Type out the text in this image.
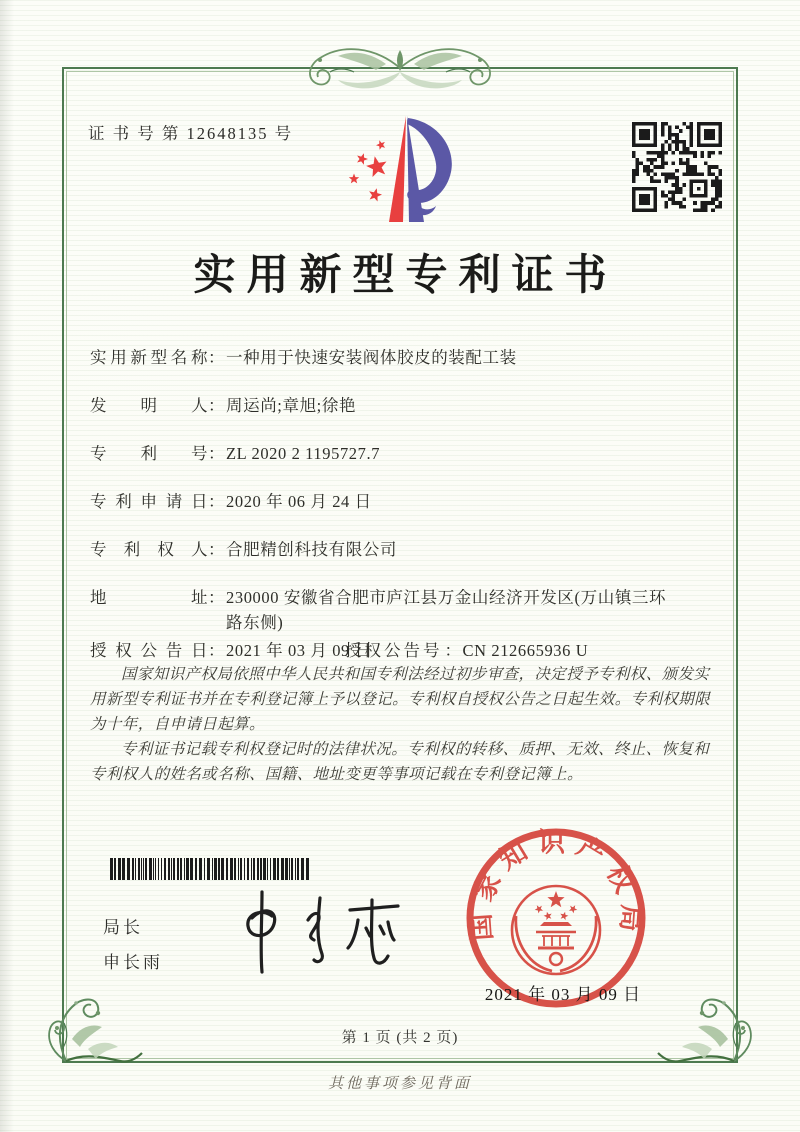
证 书 号 第 12648135 号
实用新型专利证书
实用新型名称 ： 一种用于快速安装阀体胶皮的装配工装
发明人 ： 周运尚;章旭;徐艳
专利号 ： ZL 2020 2 1195727.7
专利申请日 ： 2020 年 06 月 24 日
专利权人 ： 合肥精创科技有限公司
地址 ： 230000 安徽省合肥市庐江县万金山经济开发区(万山镇三环路东侧)
授权公告日 ： 2021 年 03 月 09 日
授权公告号 ： CN 212665936 U

国家知识产权局依照中华人民共和国专利法经过初步审查，决定授予专利权、颁发实用新型专利证书并在专利登记簿上予以登记。专利权自授权公告之日起生效。专利权期限为十年，自申请日起算。

专利证书记载专利权登记时的法律状况。专利权的转移、质押、无效、终止、恢复和专利权人的姓名或名称、国籍、地址变更等事项记载在专利登记簿上。

局长
申长雨
国家知识产权局
2021 年 03 月 09 日
第 1 页 (共 2 页)
其他事项参见背面
